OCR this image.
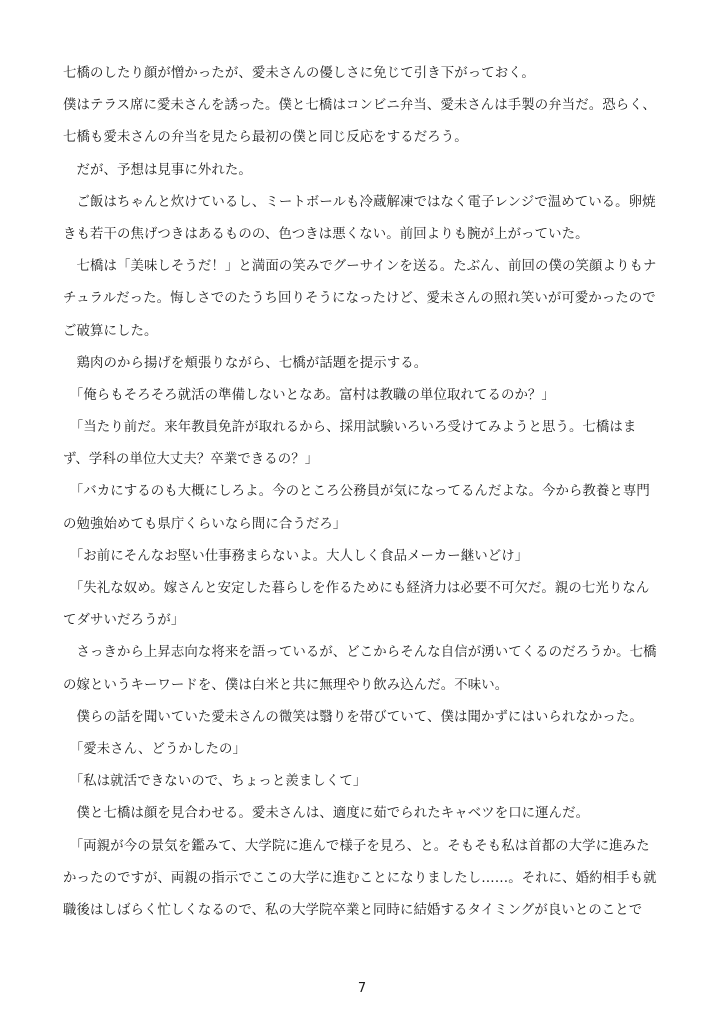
七橋のしたり顔が憎かったが、愛未さんの優しさに免じて引き下がっておく。
僕はテラス席に愛未さんを誘った。僕と七橋はコンビニ弁当、愛未さんは手製の弁当だ。恐らく、
七橋も愛未さんの弁当を見たら最初の僕と同じ反応をするだろう。
　だが、予想は見事に外れた。
　ご飯はちゃんと炊けているし、ミートボールも冷蔵解凍ではなく電子レンジで温めている。卵焼
きも若干の焦げつきはあるものの、色つきは悪くない。前回よりも腕が上がっていた。
　七橋は「美味しそうだ！」と満面の笑みでグーサインを送る。たぶん、前回の僕の笑顔よりもナ
チュラルだった。悔しさでのたうち回りそうになったけど、愛未さんの照れ笑いが可愛かったので
ご破算にした。
　鶏肉のから揚げを頬張りながら、七橋が話題を提示する。
　「俺らもそろそろ就活の準備しないとなあ。富村は教職の単位取れてるのか？」
　「当たり前だ。来年教員免許が取れるから、採用試験いろいろ受けてみようと思う。七橋はま
ず、学科の単位大丈夫？卒業できるの？」
　「バカにするのも大概にしろよ。今のところ公務員が気になってるんだよな。今から教養と専門
の勉強始めても県庁くらいなら間に合うだろ」
　「お前にそんなお堅い仕事務まらないよ。大人しく食品メーカー継いどけ」
　「失礼な奴め。嫁さんと安定した暮らしを作るためにも経済力は必要不可欠だ。親の七光りなん
てダサいだろうが」
　さっきから上昇志向な将来を語っているが、どこからそんな自信が湧いてくるのだろうか。七橋
の嫁というキーワードを、僕は白米と共に無理やり飲み込んだ。不味い。
　僕らの話を聞いていた愛未さんの微笑は翳りを帯びていて、僕は聞かずにはいられなかった。
　「愛未さん、どうかしたの」
　「私は就活できないので、ちょっと羨ましくて」
　僕と七橋は顔を見合わせる。愛未さんは、適度に茹でられたキャベツを口に運んだ。
　「両親が今の景気を鑑みて、大学院に進んで様子を見ろ、と。そもそも私は首都の大学に進みた
かったのですが、両親の指示でここの大学に進むことになりましたし……。それに、婚約相手も就
職後はしばらく忙しくなるので、私の大学院卒業と同時に結婚するタイミングが良いとのことで
7
